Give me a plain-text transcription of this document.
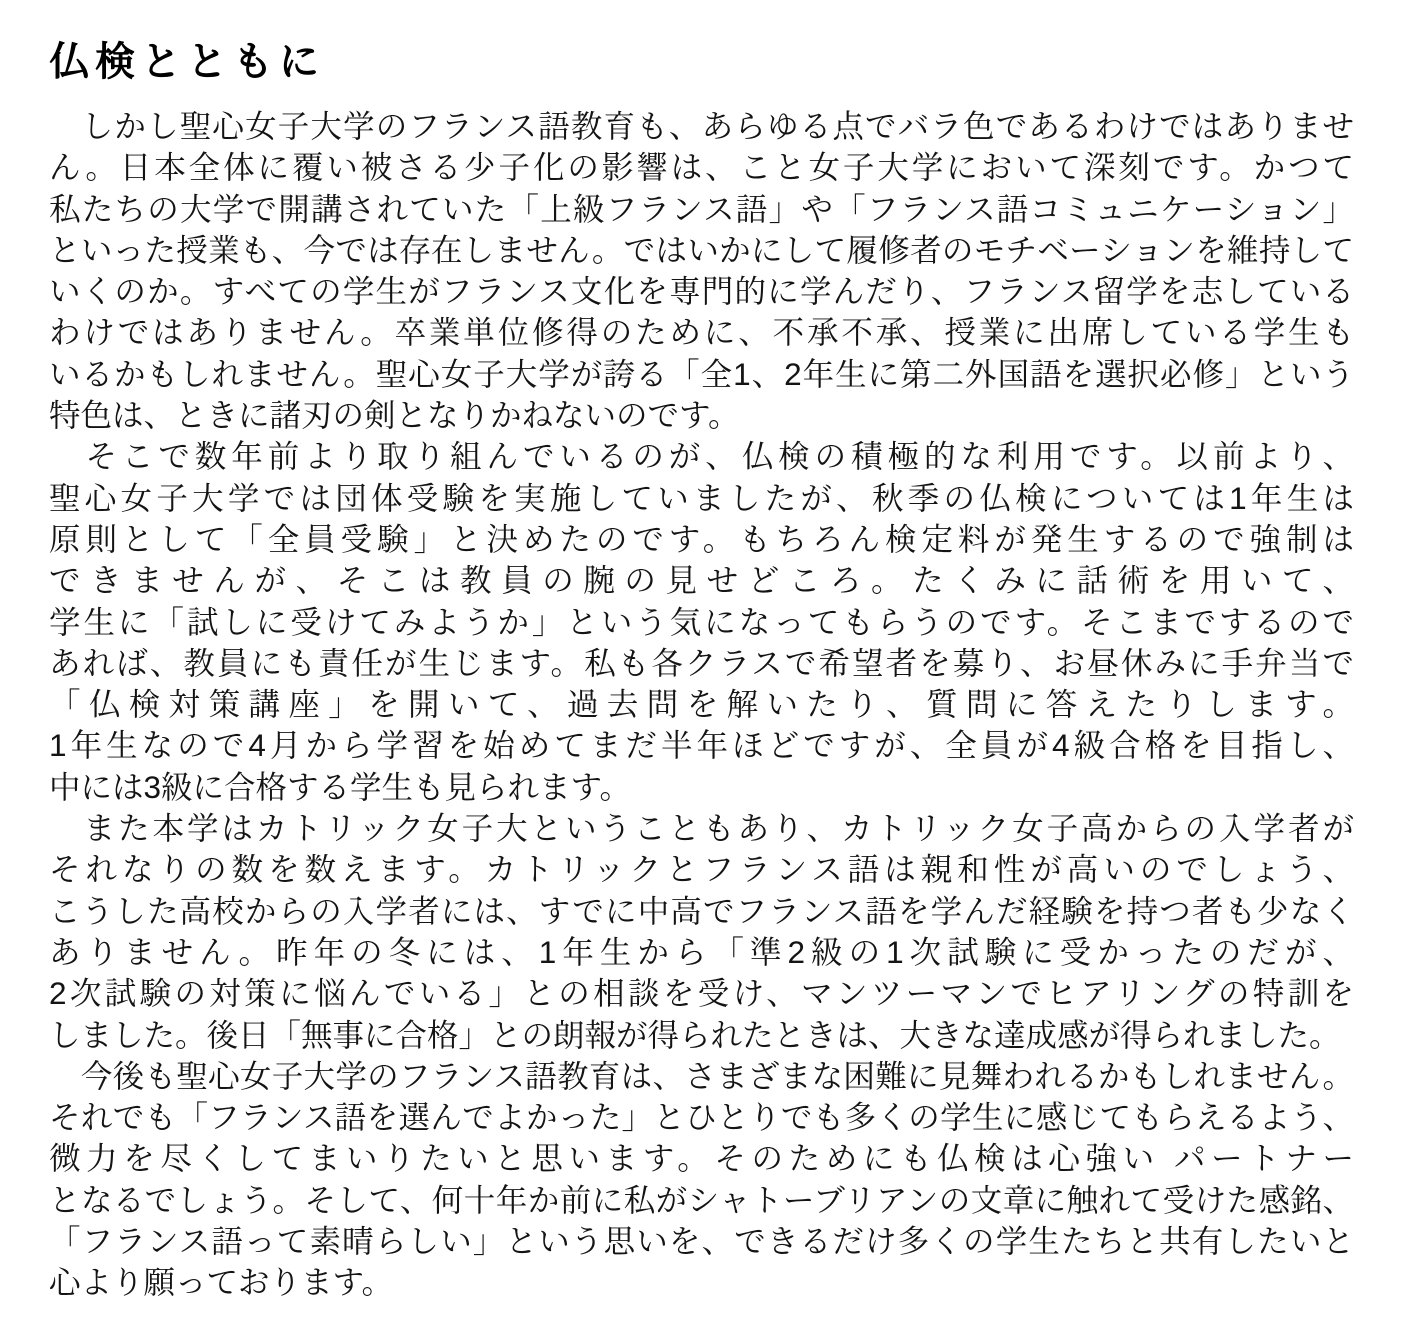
仏検とともに
　しかし聖心女子大学のフランス語教育も、あらゆる点でバラ色であるわけではありませ
ん。日本全体に覆い被さる少子化の影響は、こと女子大学において深刻です。かつて
私たちの大学で開講されていた「上級フランス語」や「フランス語コミュニケーション」
といった授業も、今では存在しません。ではいかにして履修者のモチベーションを維持して
いくのか。すべての学生がフランス文化を専門的に学んだり、フランス留学を志している
わけではありません。卒業単位修得のために、不承不承、授業に出席している学生も
いるかもしれません。聖心女子大学が誇る「全1、2年生に第二外国語を選択必修」という
特色は、ときに諸刃の剣となりかねないのです。
　そこで数年前より取り組んでいるのが、仏検の積極的な利用です。以前より、
聖心女子大学では団体受験を実施していましたが、秋季の仏検については1年生は
原則として「全員受験」と決めたのです。もちろん検定料が発生するので強制は
できませんが、そこは教員の腕の見せどころ。たくみに話術を用いて、
学生に「試しに受けてみようか」という気になってもらうのです。そこまでするので
あれば、教員にも責任が生じます。私も各クラスで希望者を募り、お昼休みに手弁当で
「仏検対策講座」を開いて、過去問を解いたり、質問に答えたりします。
1年生なので4月から学習を始めてまだ半年ほどですが、全員が4級合格を目指し、
中には3級に合格する学生も見られます。
　また本学はカトリック女子大ということもあり、カトリック女子高からの入学者が
それなりの数を数えます。カトリックとフランス語は親和性が高いのでしょう、
こうした高校からの入学者には、すでに中高でフランス語を学んだ経験を持つ者も少なく
ありません。昨年の冬には、1年生から「準2級の1次試験に受かったのだが、
2次試験の対策に悩んでいる」との相談を受け、マンツーマンでヒアリングの特訓を
しました。後日「無事に合格」との朗報が得られたときは、大きな達成感が得られました。
　今後も聖心女子大学のフランス語教育は、さまざまな困難に見舞われるかもしれません。
それでも「フランス語を選んでよかった」とひとりでも多くの学生に感じてもらえるよう、
微力を尽くしてまいりたいと思います。そのためにも仏検は心強い パートナー
となるでしょう。そして、何十年か前に私がシャトーブリアンの文章に触れて受けた感銘、
「フランス語って素晴らしい」という思いを、できるだけ多くの学生たちと共有したいと
心より願っております。
